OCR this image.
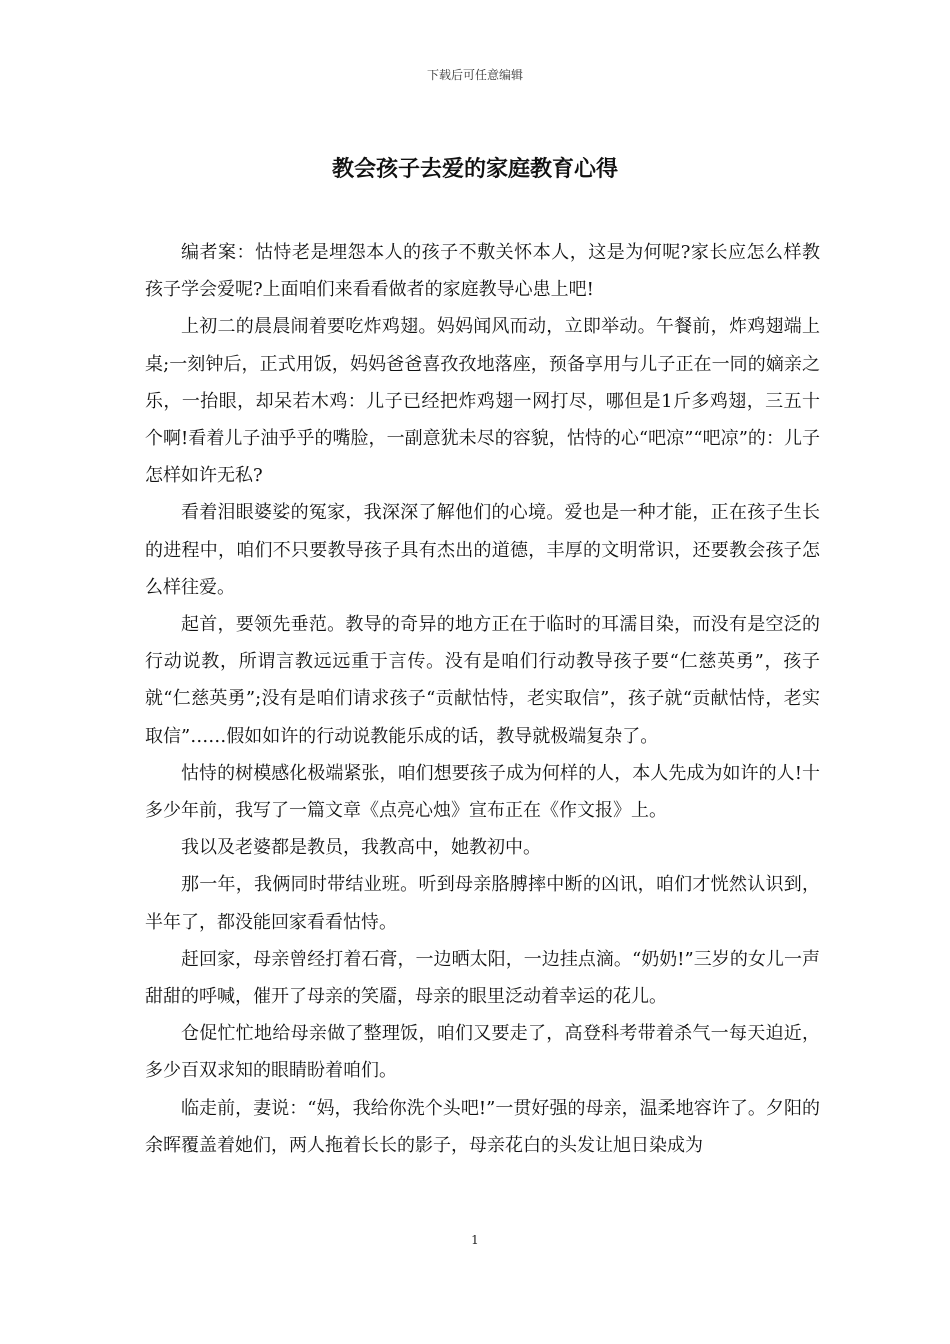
下载后可任意编辑
教会孩子去爱的家庭教育心得

编者案：怙恃老是埋怨本人的孩子不敷关怀本人，这是为何呢?家长应怎么样教孩子学会爱呢?上面咱们来看看做者的家庭教导心患上吧!

上初二的晨晨闹着要吃炸鸡翅。妈妈闻风而动，立即举动。午餐前，炸鸡翅端上桌;一刻钟后，正式用饭，妈妈爸爸喜孜孜地落座，预备享用与儿子正在一同的嫡亲之乐，一抬眼，却呆若木鸡：儿子已经把炸鸡翅一网打尽，哪但是1斤多鸡翅，三五十个啊!看着儿子油乎乎的嘴脸，一副意犹未尽的容貌，怙恃的心“吧凉”“吧凉”的：儿子怎样如许无私?

看着泪眼婆娑的冤家，我深深了解他们的心境。爱也是一种才能，正在孩子生长的进程中，咱们不只要教导孩子具有杰出的道德，丰厚的文明常识，还要教会孩子怎么样往爱。

起首，要领先垂范。教导的奇异的地方正在于临时的耳濡目染，而没有是空泛的行动说教，所谓言教远远重于言传。没有是咱们行动教导孩子要“仁慈英勇”，孩子就“仁慈英勇”;没有是咱们请求孩子“贡献怙恃，老实取信”，孩子就“贡献怙恃，老实取信”……假如如许的行动说教能乐成的话，教导就极端复杂了。

怙恃的树模感化极端紧张，咱们想要孩子成为何样的人，本人先成为如许的人!十多少年前，我写了一篇文章《点亮心烛》宣布正在《作文报》上。

我以及老婆都是教员，我教高中，她教初中。

那一年，我俩同时带结业班。听到母亲胳膊摔中断的凶讯，咱们才恍然认识到，半年了，都没能回家看看怙恃。

赶回家，母亲曾经打着石膏，一边晒太阳，一边挂点滴。“奶奶!”三岁的女儿一声甜甜的呼喊，催开了母亲的笑靥，母亲的眼里泛动着幸运的花儿。

仓促忙忙地给母亲做了整理饭，咱们又要走了，高登科考带着杀气一每天迫近，多少百双求知的眼睛盼着咱们。

临走前，妻说：“妈，我给你洗个头吧!”一贯好强的母亲，温柔地容许了。夕阳的余晖覆盖着她们，两人拖着长长的影子，母亲花白的头发让旭日染成为

1
